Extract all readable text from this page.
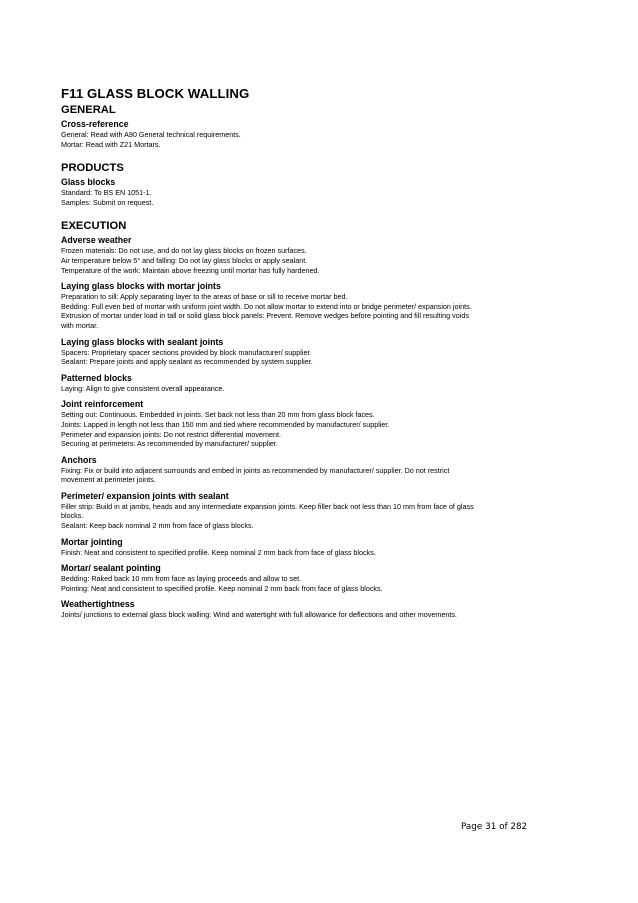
F11 GLASS BLOCK WALLING
GENERAL
Cross-reference

General: Read with A90 General technical requirements.

Mortar: Read with Z21 Mortars.

PRODUCTS
Glass blocks

Standard: To BS EN 1051-1.

Samples: Submit on request.

EXECUTION
Adverse weather

Frozen materials: Do not use, and do not lay glass blocks on frozen surfaces.

Air temperature below 5° and falling: Do not lay glass blocks or apply sealant.

Temperature of the work: Maintain above freezing until mortar has fully hardened.

Laying glass blocks with mortar joints

Preparation to sill: Apply separating layer to the areas of base or sill to receive mortar bed.

Bedding: Full even bed of mortar with uniform joint width. Do not allow mortar to extend into or bridge perimeter/ expansion joints.

Extrusion of mortar under load in tall or solid glass block panels: Prevent. Remove wedges before pointing and fill resulting voids

with mortar.

Laying glass blocks with sealant joints

Spacers: Proprietary spacer sections provided by block manufacturer/ supplier.

Sealant: Prepare joints and apply sealant as recommended by system supplier.

Patterned blocks

Laying: Align to give consistent overall appearance.

Joint reinforcement

Setting out: Continuous. Embedded in joints. Set back not less than 20 mm from glass block faces.

Joints: Lapped in length not less than 150 mm and tied where recommended by manufacturer/ supplier.

Perimeter and expansion joints: Do not restrict differential movement.

Securing at perimeters: As recommended by manufacturer/ supplier.

Anchors

Fixing: Fix or build into adjacent surrounds and embed in joints as recommended by manufacturer/ supplier. Do not restrict

movement at perimeter joints.

Perimeter/ expansion joints with sealant

Filler strip: Build in at jambs, heads and any intermediate expansion joints. Keep filler back not less than 10 mm from face of glass

blocks.

Sealant: Keep back nominal 2 mm from face of glass blocks.

Mortar jointing

Finish: Neat and consistent to specified profile. Keep nominal 2 mm back from face of glass blocks.

Mortar/ sealant pointing

Bedding: Raked back 10 mm from face as laying proceeds and allow to set.

Pointing: Neat and consistent to specified profile. Keep nominal 2 mm back from face of glass blocks.

Weathertightness

Joints/ junctions to external glass block walling: Wind and watertight with full allowance for deflections and other movements.

Page 31 of 282
